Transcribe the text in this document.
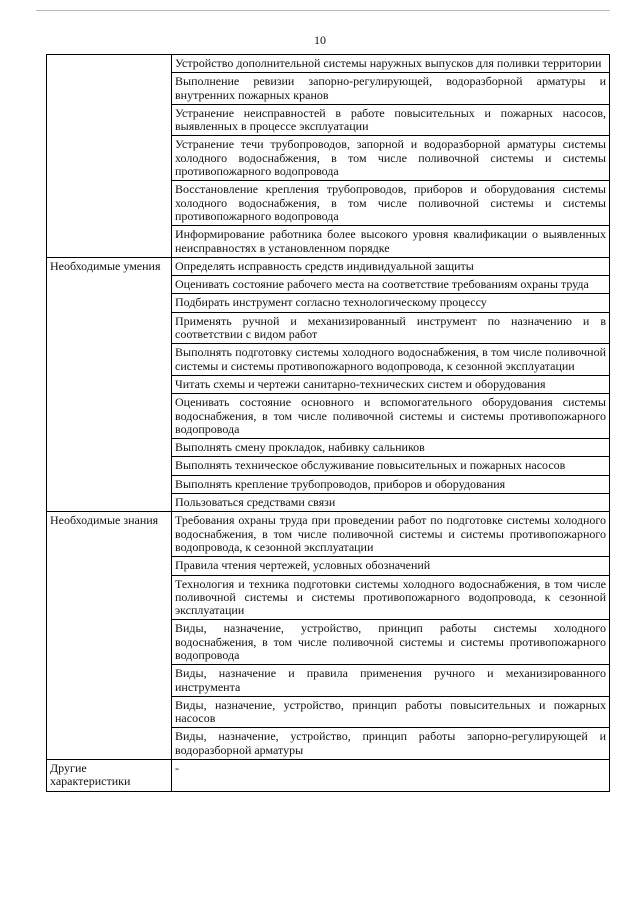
10
	Устройство дополнительной системы наружных выпусков для поливки территории
	Выполнение ревизии запорно-регулирующей, водоразборной арматуры и внутренних пожарных кранов
	Устранение неисправностей в работе повысительных и пожарных насосов, выявленных в процессе эксплуатации
	Устранение течи трубопроводов, запорной и водоразборной арматуры системы холодного водоснабжения, в том числе поливочной системы и системы противопожарного водопровода
	Восстановление крепления трубопроводов, приборов и оборудования системы холодного водоснабжения, в том числе поливочной системы и системы противопожарного водопровода
	Информирование работника более высокого уровня квалификации о выявленных неисправностях в установленном порядке
Необходимые умения	Определять исправность средств индивидуальной защиты
	Оценивать состояние рабочего места на соответствие требованиям охраны труда
	Подбирать инструмент согласно технологическому процессу
	Применять ручной и механизированный инструмент по назначению и в соответствии с видом работ
	Выполнять подготовку системы холодного водоснабжения, в том числе поливочной системы и системы противопожарного водопровода, к сезонной эксплуатации
	Читать схемы и чертежи санитарно-технических систем и оборудования
	Оценивать состояние основного и вспомогательного оборудования системы водоснабжения, в том числе поливочной системы и системы противопожарного водопровода
	Выполнять смену прокладок, набивку сальников
	Выполнять техническое обслуживание повысительных и пожарных насосов
	Выполнять крепление трубопроводов, приборов и оборудования
	Пользоваться средствами связи
Необходимые знания	Требования охраны труда при проведении работ по подготовке системы холодного водоснабжения, в том числе поливочной системы и системы противопожарного водопровода, к сезонной эксплуатации
	Правила чтения чертежей, условных обозначений
	Технология и техника подготовки системы холодного водоснабжения, в том числе поливочной системы и системы противопожарного водопровода, к сезонной эксплуатации
	Виды, назначение, устройство, принцип работы системы холодного водоснабжения, в том числе поливочной системы и системы противопожарного водопровода
	Виды, назначение и правила применения ручного и механизированного инструмента
	Виды, назначение, устройство, принцип работы повысительных и пожарных насосов
	Виды, назначение, устройство, принцип работы запорно-регулирующей и водоразборной арматуры
Другие характеристики	-
